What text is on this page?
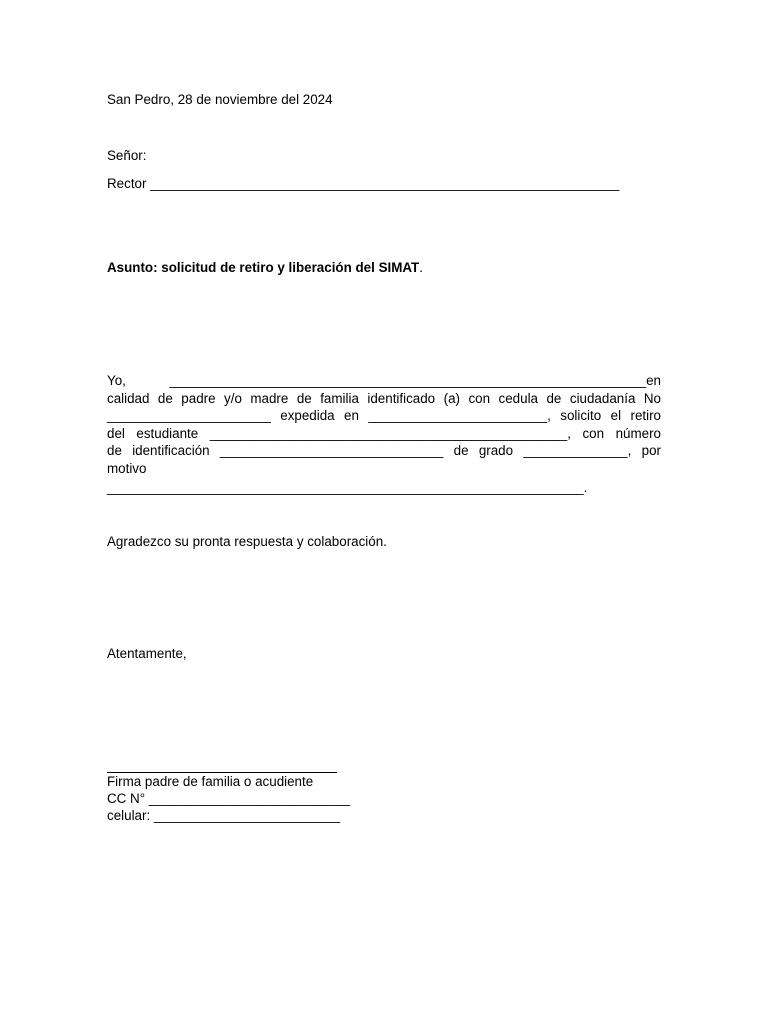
San Pedro, 28 de noviembre del 2024
Señor:
Rector _______________________________________________________________
Asunto: solicitud de retiro y liberación del SIMAT.
Yo,  ________________________________________________________________en
calidad de padre y/o madre de familia identificado (a) con cedula de ciudadanía No
______________________ expedida en ________________________, solicito el retiro
del estudiante ________________________________________________, con número
de identificación ______________________________ de grado ______________, por
motivo
________________________________________________________________.
Agradezco su pronta respuesta y colaboración.
Atentamente,
Firma padre de familia o acudiente
CC N° ___________________________
celular: _________________________
